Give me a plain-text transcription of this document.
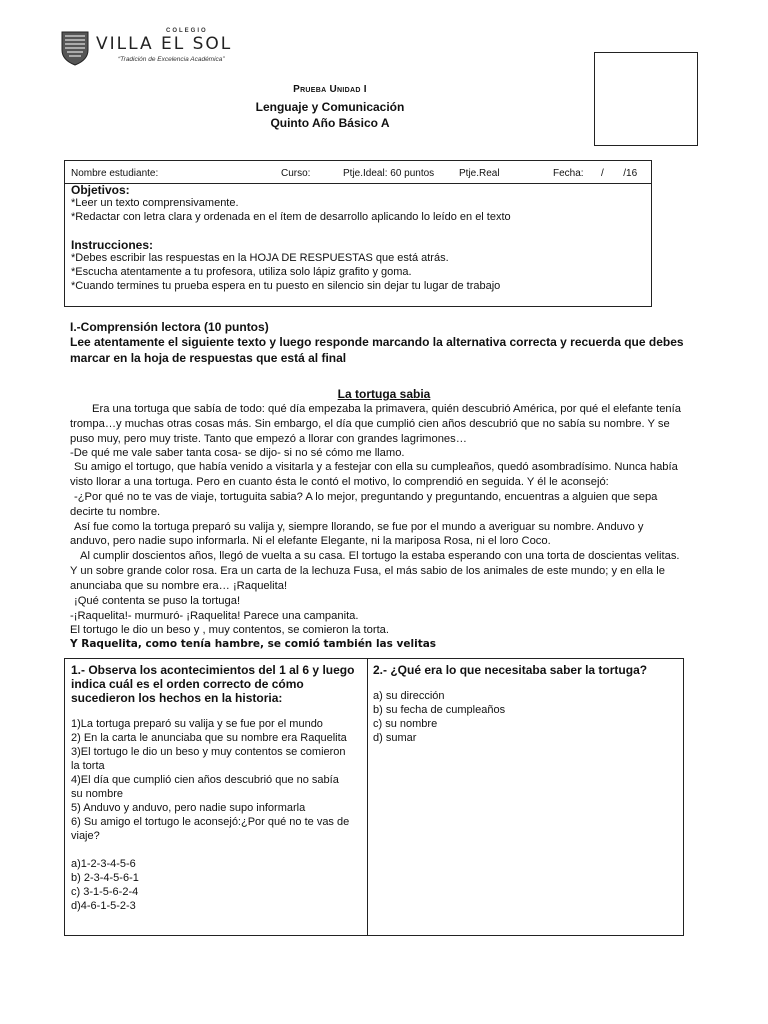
COLEGIO
VILLA EL SOL
“Tradición de Excelencia Académica”
Prueba Unidad I
Lenguaje y Comunicación
Quinto Año Básico A
Nombre estudiante:	Curso:	Ptje.Ideal: 60 puntos Ptje.Real	Fecha: /       /16
Objetivos:
*Leer un texto comprensivamente.
*Redactar con letra clara y ordenada en el ítem de desarrollo aplicando lo leído en el texto
Instrucciones:
*Debes escribir las respuestas en la HOJA DE RESPUESTAS que está atrás.
*Escucha atentamente a tu profesora, utiliza solo lápiz grafito y goma.
*Cuando termines tu prueba espera en tu puesto en silencio sin dejar tu lugar de trabajo
I.-Comprensión lectora (10 puntos)
Lee atentamente el siguiente texto y luego responde marcando la alternativa correcta y recuerda que debes
marcar en la hoja de respuestas que está al final
La tortuga sabia
Era una tortuga que sabía de todo: qué día empezaba la primavera, quién descubrió América, por qué el elefante tenía
trompa…y muchas otras cosas más. Sin embargo, el día que cumplió cien años descubrió que no sabía su nombre. Y se
puso muy, pero muy triste. Tanto que empezó a llorar con grandes lagrimones…
-De qué me vale saber tanta cosa- se dijo- si no sé cómo me llamo.
Su amigo el tortugo, que había venido a visitarla y a festejar con ella su cumpleaños, quedó asombradísimo. Nunca había
visto llorar a una tortuga. Pero en cuanto ésta le contó el motivo, lo comprendió en seguida. Y él le aconsejó:
-¿Por qué no te vas de viaje, tortuguita sabia? A lo mejor, preguntando y preguntando, encuentras a alguien que sepa
decirte tu nombre.
Así fue como la tortuga preparó su valija y, siempre llorando, se fue por el mundo a averiguar su nombre. Anduvo y
anduvo, pero nadie supo informarla. Ni el elefante Elegante, ni la mariposa Rosa, ni el loro Coco.
Al cumplir doscientos años, llegó de vuelta a su casa. El tortugo la estaba esperando con una torta de doscientas velitas.
Y un sobre grande color rosa. Era un carta de la lechuza Fusa, el más sabio de los animales de este mundo; y en ella le
anunciaba que su nombre era… ¡Raquelita!
¡Qué contenta se puso la tortuga!
-¡Raquelita!- murmuró- ¡Raquelita! Parece una campanita.
El tortugo le dio un beso y , muy contentos, se comieron la torta.
Y Raquelita, como tenía hambre, se comió también las velitas

1.- Observa los acontecimientos del 1 al 6 y luego

indica cuál es el orden correcto de cómo

sucedieron los hechos en la historia:

1)La tortuga preparó su valija y se fue por el mundo

2) En la carta le anunciaba que su nombre era Raquelita

3)El tortugo le dio un beso y muy contentos se comieron

la torta

4)El día que cumplió cien años descubrió que no sabía

su nombre

5) Anduvo y anduvo, pero nadie supo informarla

6) Su amigo el tortugo le aconsejó:¿Por qué no te vas de

viaje?

a)1-2-3-4-5-6

b) 2-3-4-5-6-1

c) 3-1-5-6-2-4

d)4-6-1-5-2-3

2.- ¿Qué era lo que necesitaba saber la tortuga?

a) su dirección

b) su fecha de cumpleaños

c) su nombre

d) sumar
